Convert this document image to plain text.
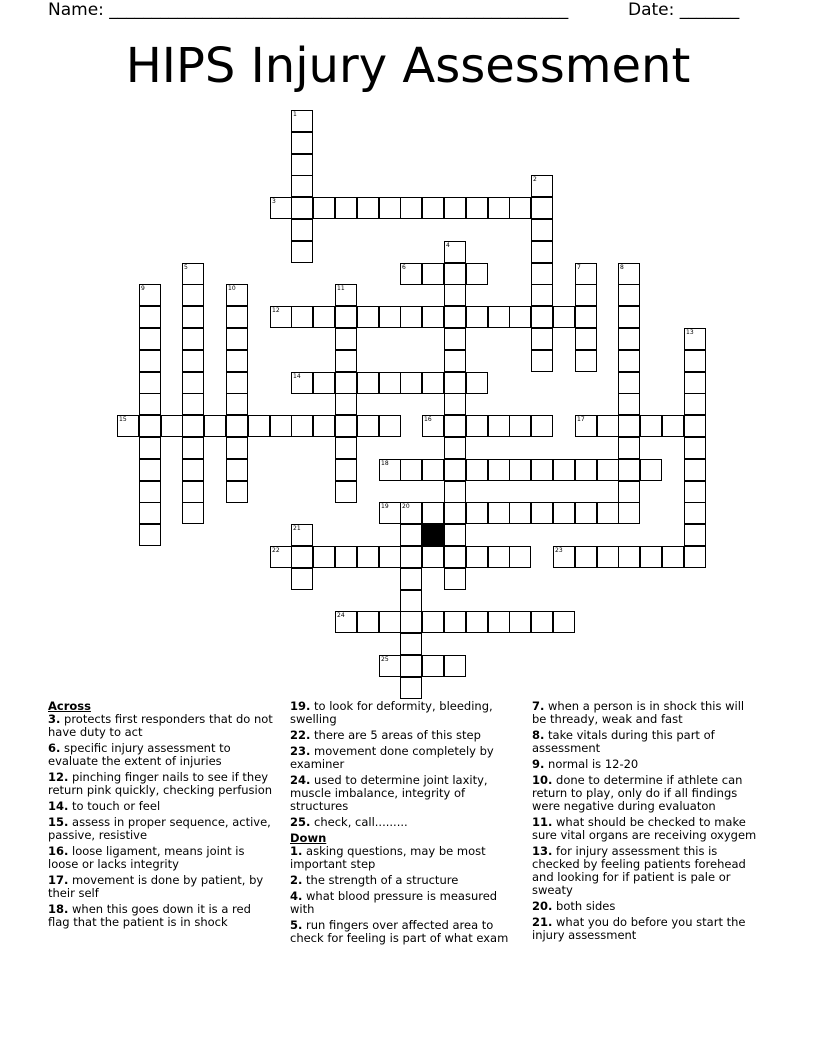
Name: ______________________________________________________	Date: _______
HIPS Injury Assessment
3
6
12
14
15	16	17
18
19 20
22	23
24
25
1
2
4
5	7	8
9	10	11
13
21
Across
3. protects first responders that do not have duty to act
6. specific injury assessment to evaluate the extent of injuries
12. pinching finger nails to see if they return pink quickly, checking perfusion
14. to touch or feel
15. assess in proper sequence, active, passive, resistive
16. loose ligament, means joint is loose or lacks integrity
17. movement is done by patient, by their self
18. when this goes down it is a red flag that the patient is in shock
19. to look for deformity, bleeding, swelling
22. there are 5 areas of this step
23. movement done completely by examiner
24. used to determine joint laxity, muscle imbalance, integrity of structures
25. check, call.........
Down
1. asking questions, may be most important step
2. the strength of a structure
4. what blood pressure is measured with
5. run fingers over affected area to check for feeling is part of what exam
7. when a person is in shock this will be thready, weak and fast
8. take vitals during this part of assessment
9. normal is 12-20
10. done to determine if athlete can return to play, only do if all findings were negative during evaluaton
11. what should be checked to make sure vital organs are receiving oxygem
13. for injury assessment this is checked by feeling patients forehead and looking for if patient is pale or sweaty
20. both sides
21. what you do before you start the injury assessment
